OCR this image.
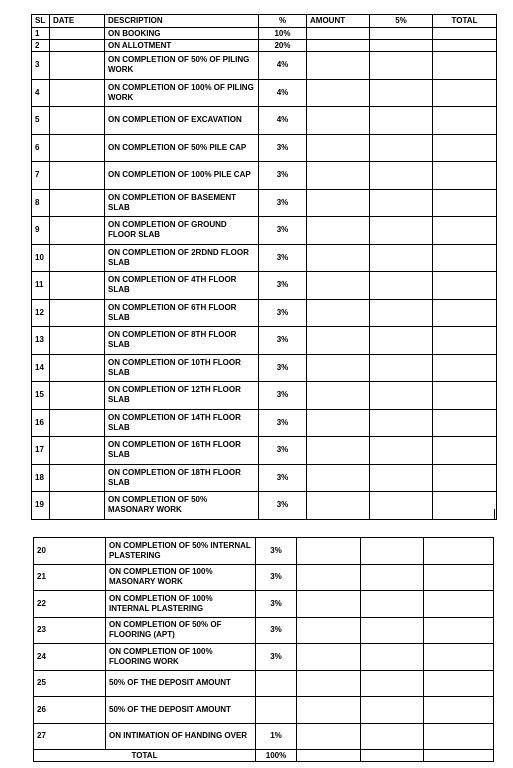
SL	DATE	DESCRIPTION	%	AMOUNT	5%	TOTAL
1		ON BOOKING	10%			
2		ON ALLOTMENT	20%			
3		ON COMPLETION OF 50% OF PILING WORK	4%			
4		ON COMPLETION OF 100% OF PILING WORK	4%			
5		ON COMPLETION OF EXCAVATION	4%			
6		ON COMPLETION OF 50% PILE CAP	3%			
7		ON COMPLETION OF 100% PILE CAP	3%			
8		ON COMPLETION OF BASEMENT SLAB	3%			
9		ON COMPLETION OF GROUND FLOOR SLAB	3%			
10		ON COMPLETION OF 2RDND FLOOR SLAB	3%			
11		ON COMPLETION OF 4TH FLOOR SLAB	3%			
12		ON COMPLETION OF 6TH FLOOR SLAB	3%			
13		ON COMPLETION OF 8TH FLOOR SLAB	3%			
14		ON COMPLETION OF 10TH FLOOR SLAB	3%			
15		ON COMPLETION OF 12TH FLOOR SLAB	3%			
16		ON COMPLETION OF 14TH FLOOR SLAB	3%			
17		ON COMPLETION OF 16TH FLOOR SLAB	3%			
18		ON COMPLETION OF 18TH FLOOR SLAB	3%			
19		ON COMPLETION OF 50% MASONARY WORK	3%			
20	ON COMPLETION OF 50% INTERNAL PLASTERING	3%			
21	ON COMPLETION OF 100% MASONARY WORK	3%			
22	ON COMPLETION OF 100% INTERNAL PLASTERING	3%			
23	ON COMPLETION OF 50% OF FLOORING (APT)	3%			
24	ON COMPLETION OF 100% FLOORING WORK	3%			
25	50% OF THE DEPOSIT AMOUNT				
26	50% OF THE DEPOSIT AMOUNT				
27	ON INTIMATION OF HANDING OVER	1%			
TOTAL		100%			
